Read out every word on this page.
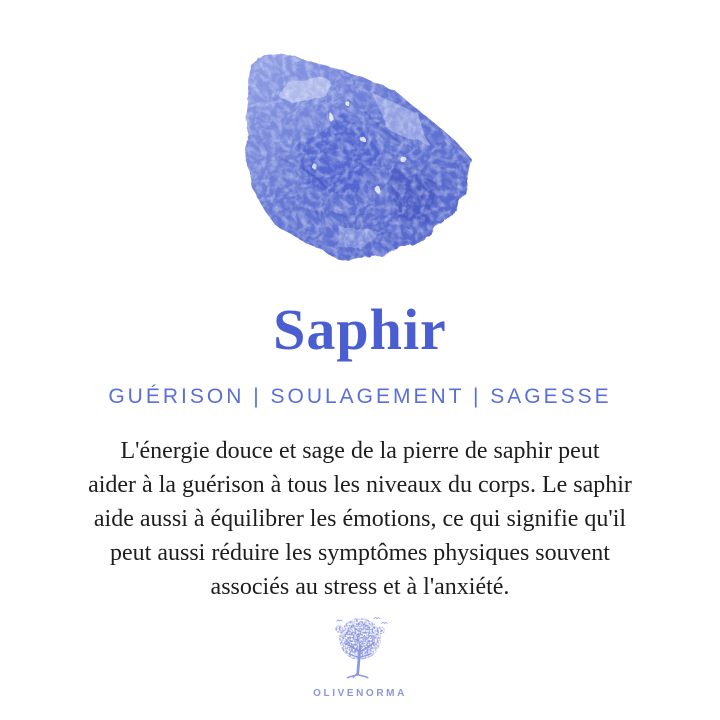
Saphir
GUÉRISON | SOULAGEMENT | SAGESSE
L'énergie douce et sage de la pierre de saphir peut
aider à la guérison à tous les niveaux du corps. Le saphir
aide aussi à équilibrer les émotions, ce qui signifie qu'il
peut aussi réduire les symptômes physiques souvent
associés au stress et à l'anxiété.
OLIVENORMA
